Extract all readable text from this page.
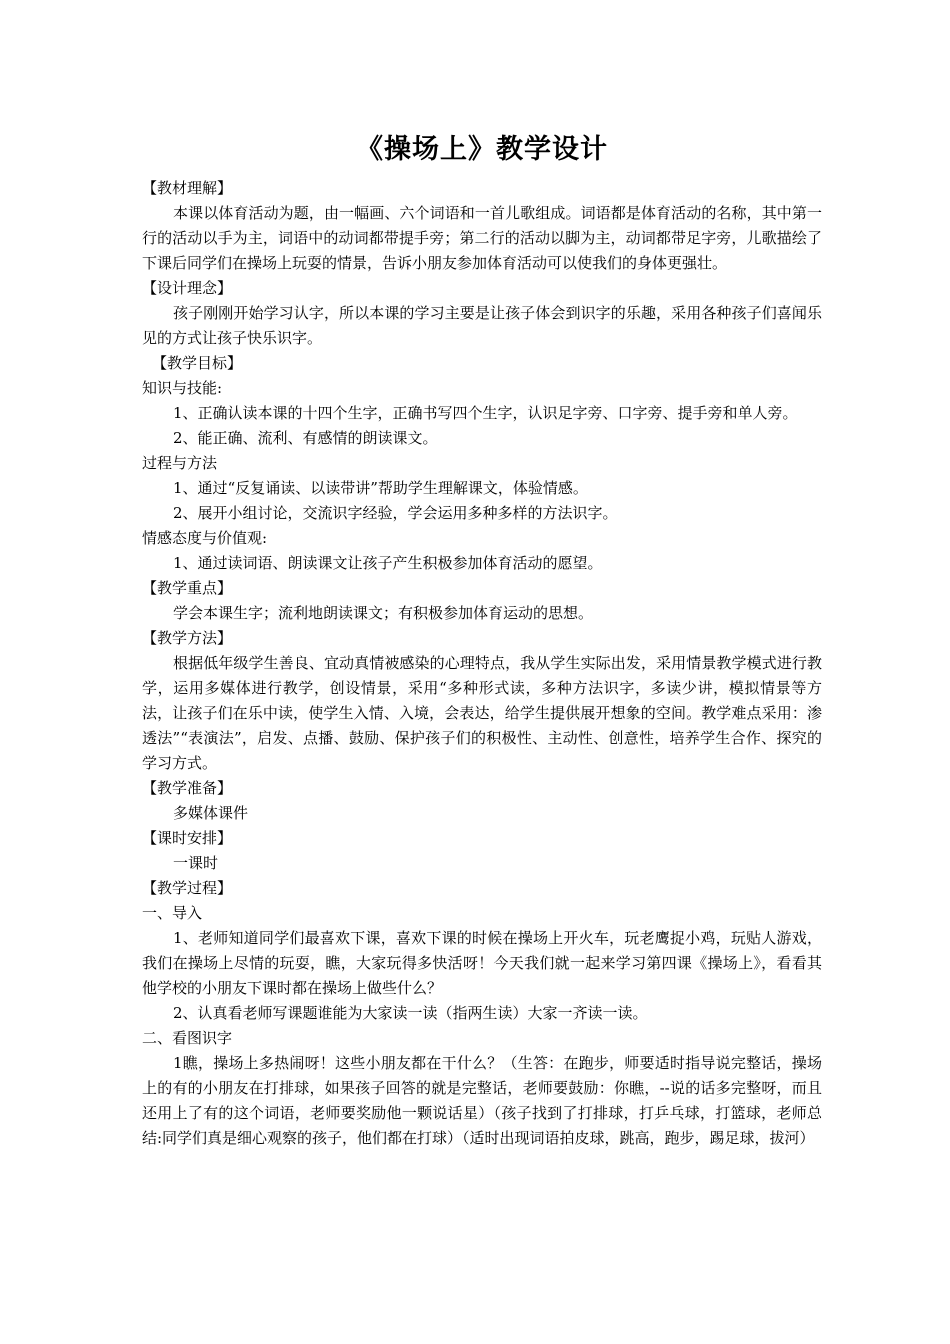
《操场上》教学设计

【教材理解】

本课以体育活动为题，由一幅画、六个词语和一首儿歌组成。词语都是体育活动的名称，其中第一行的活动以手为主，词语中的动词都带提手旁；第二行的活动以脚为主，动词都带足字旁，儿歌描绘了下课后同学们在操场上玩耍的情景，告诉小朋友参加体育活动可以使我们的身体更强壮。

【设计理念】

孩子刚刚开始学习认字，所以本课的学习主要是让孩子体会到识字的乐趣，采用各种孩子们喜闻乐见的方式让孩子快乐识字。

【教学目标】

知识与技能:

1、正确认读本课的十四个生字，正确书写四个生字，认识足字旁、口字旁、提手旁和单人旁。

2、能正确、流利、有感情的朗读课文。

过程与方法

1、通过“反复诵读、以读带讲”帮助学生理解课文，体验情感。

2、展开小组讨论，交流识字经验，学会运用多种多样的方法识字。

情感态度与价值观:

1、通过读词语、朗读课文让孩子产生积极参加体育活动的愿望。

【教学重点】

学会本课生字；流利地朗读课文；有积极参加体育运动的思想。

【教学方法】

根据低年级学生善良、宜动真情被感染的心理特点，我从学生实际出发，采用情景教学模式进行教学，运用多媒体进行教学，创设情景，采用“多种形式读，多种方法识字，多读少讲，模拟情景等方法，让孩子们在乐中读，使学生入情、入境，会表达，给学生提供展开想象的空间。教学难点采用：渗透法”“表演法”，启发、点播、鼓励、保护孩子们的积极性、主动性、创意性，培养学生合作、探究的学习方式。

【教学准备】

多媒体课件

【课时安排】

一课时

【教学过程】

一、导入

1、老师知道同学们最喜欢下课，喜欢下课的时候在操场上开火车，玩老鹰捉小鸡，玩贴人游戏，我们在操场上尽情的玩耍，瞧，大家玩得多快活呀！今天我们就一起来学习第四课《操场上》，看看其他学校的小朋友下课时都在操场上做些什么？

2、认真看老师写课题谁能为大家读一读（指两生读）大家一齐读一读。

二、看图识字

1瞧，操场上多热闹呀！这些小朋友都在干什么？（生答：在跑步，师要适时指导说完整话，操场上的有的小朋友在打排球，如果孩子回答的就是完整话，老师要鼓励：你瞧，--说的话多完整呀，而且还用上了有的这个词语，老师要奖励他一颗说话星）（孩子找到了打排球，打乒乓球，打篮球，老师总结:同学们真是细心观察的孩子，他们都在打球）（适时出现词语拍皮球，跳高，跑步，踢足球，拔河）
